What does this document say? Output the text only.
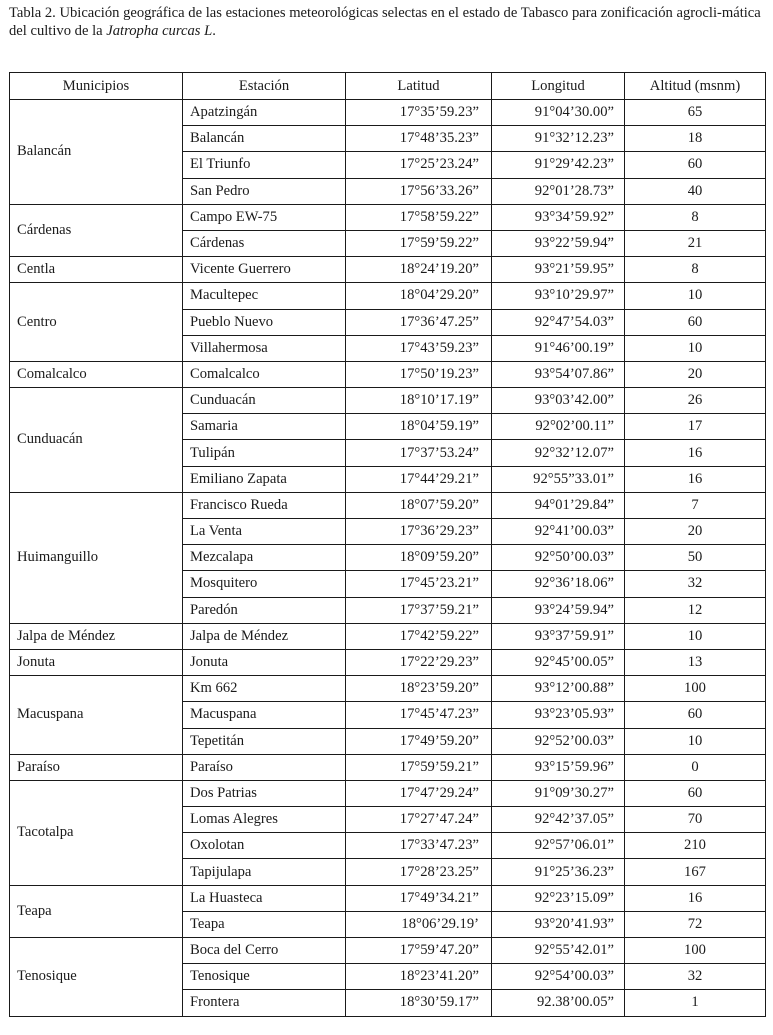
Tabla 2. Ubicación geográfica de las estaciones meteorológicas selectas en el estado de Tabasco para zonificación agrocli-mática del cultivo de la Jatropha curcas L.
Municipios	Estación	Latitud	Longitud	Altitud (msnm)
Balancán	Apatzingán	17°35’59.23”	91°04’30.00”	65
	Balancán	17°48’35.23”	91°32’12.23”	18
	El Triunfo	17°25’23.24”	91°29’42.23”	60
	San Pedro	17°56’33.26”	92°01’28.73”	40
Cárdenas	Campo EW-75	17°58’59.22”	93°34’59.92”	8
	Cárdenas	17°59’59.22”	93°22’59.94”	21
Centla	Vicente Guerrero	18°24’19.20”	93°21’59.95”	8
Centro	Macultepec	18°04’29.20”	93°10’29.97”	10
	Pueblo Nuevo	17°36’47.25”	92°47’54.03”	60
	Villahermosa	17°43’59.23”	91°46’00.19”	10
Comalcalco	Comalcalco	17°50’19.23”	93°54’07.86”	20
Cunduacán	Cunduacán	18°10’17.19”	93°03’42.00”	26
	Samaria	18°04’59.19”	92°02’00.11”	17
	Tulipán	17°37’53.24”	92°32’12.07”	16
	Emiliano Zapata	17°44’29.21”	92°55”33.01”	16
Huimanguillo	Francisco Rueda	18°07’59.20”	94°01’29.84”	7
	La Venta	17°36’29.23”	92°41’00.03”	20
	Mezcalapa	18°09’59.20”	92°50’00.03”	50
	Mosquitero	17°45’23.21”	92°36’18.06”	32
	Paredón	17°37’59.21”	93°24’59.94”	12
Jalpa de Méndez	Jalpa de Méndez	17°42’59.22”	93°37’59.91”	10
Jonuta	Jonuta	17°22’29.23”	92°45’00.05”	13
Macuspana	Km 662	18°23’59.20”	93°12’00.88”	100
	Macuspana	17°45’47.23”	93°23’05.93”	60
	Tepetitán	17°49’59.20”	92°52’00.03”	10
Paraíso	Paraíso	17°59’59.21”	93°15’59.96”	0
Tacotalpa	Dos Patrias	17°47’29.24”	91°09’30.27”	60
	Lomas Alegres	17°27’47.24”	92°42’37.05”	70
	Oxolotan	17°33’47.23”	92°57’06.01”	210
	Tapijulapa	17°28’23.25”	91°25’36.23”	167
Teapa	La Huasteca	17°49’34.21”	92°23’15.09”	16
	Teapa	18°06’29.19’	93°20’41.93”	72
Tenosique	Boca del Cerro	17°59’47.20”	92°55’42.01”	100
	Tenosique	18°23’41.20”	92°54’00.03”	32
	Frontera	18°30’59.17”	92.38’00.05”	1
